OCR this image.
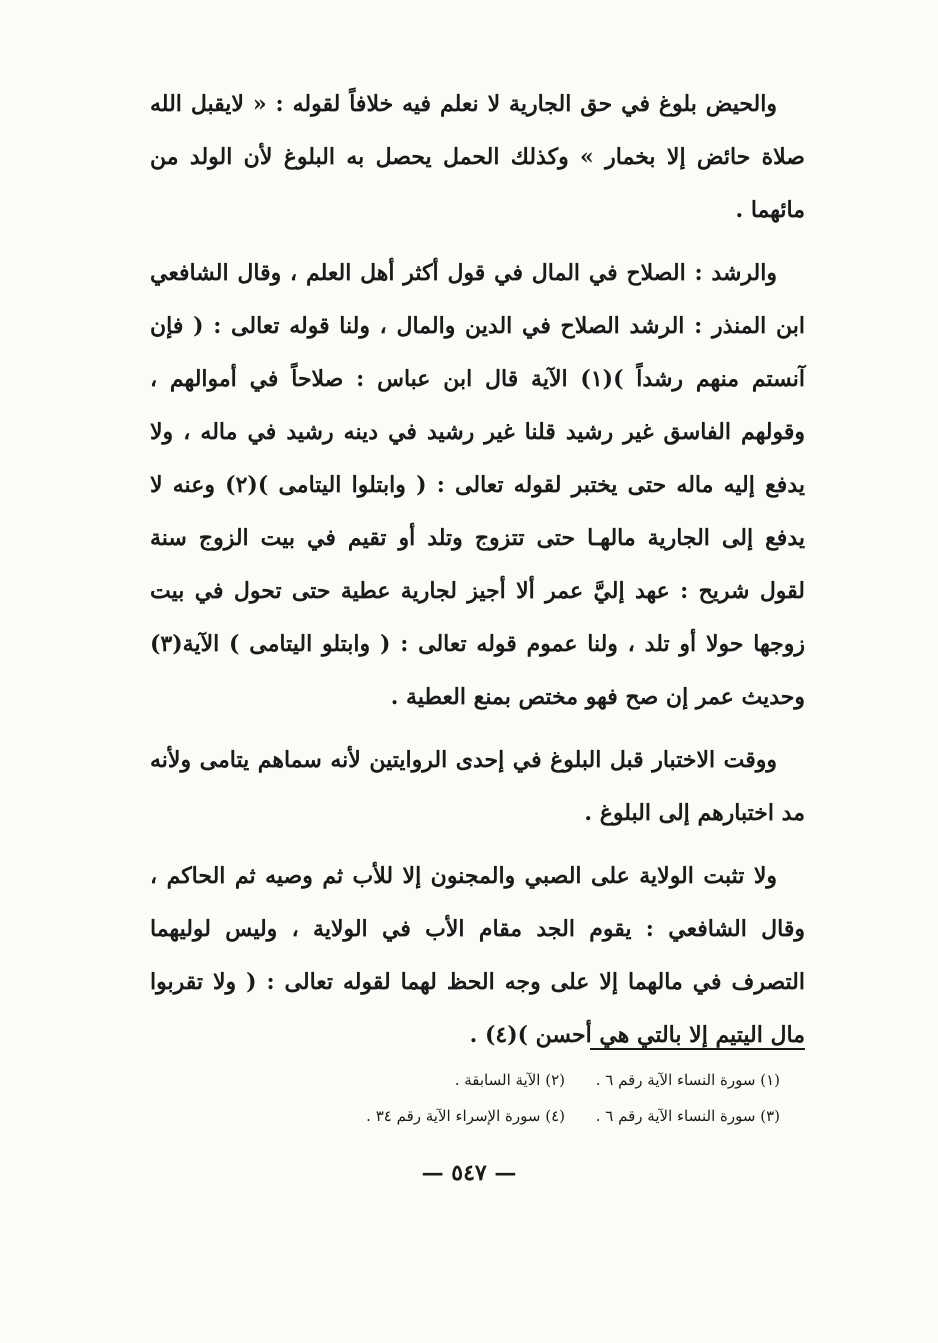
والحيض بلوغ في حق الجارية لا نعلم فيه خلافاً لقوله : « لايقبل الله صلاة حائض إلا بخمار » وكذلك الحمل يحصل به البلوغ لأن الولد من مائهما .

والرشد : الصلاح في المال في قول أكثر أهل العلم ، وقال الشافعي ابن المنذر : الرشد الصلاح في الدين والمال ، ولنا قوله تعالى : ( فإن آنستم منهم رشداً )(١) الآية قال ابن عباس : صلاحاً في أموالهم ، وقولهم الفاسق غير رشيد قلنا غير رشيد في دينه رشيد في ماله ، ولا يدفع إليه ماله حتى يختبر لقوله تعالى : ( وابتلوا اليتامى )(٢) وعنه لا يدفع إلى الجارية مالهـا حتى تتزوج وتلد أو تقيم في بيت الزوج سنة لقول شريح : عهد إليَّ عمر ألا أجيز لجارية عطية حتى تحول في بيت زوجها حولا أو تلد ، ولنا عموم قوله تعالى : ( وابتلو اليتامى ) الآية(٣) وحديث عمر إن صح فهو مختص بمنع العطية .

ووقت الاختبار قبل البلوغ في إحدى الروايتين لأنه سماهم يتامى ولأنه مد اختبارهم إلى البلوغ .

ولا تثبت الولاية على الصبي والمجنون إلا للأب ثم وصيه ثم الحاكم ، وقال الشافعي : يقوم الجد مقام الأب في الولاية ، وليس لوليهما التصرف في مالهما إلا على وجه الحظ لهما لقوله تعالى : ( ولا تقربوا مال اليتيم إلا بالتي هي أحسن )(٤) .

(١) سورة النساء الآية رقم ٦ .
(٢) الآية السابقة .
(٣) سورة النساء الآية رقم ٦ .
(٤) سورة الإسراء الآية رقم ٣٤ .
— ٥٤٧ —
